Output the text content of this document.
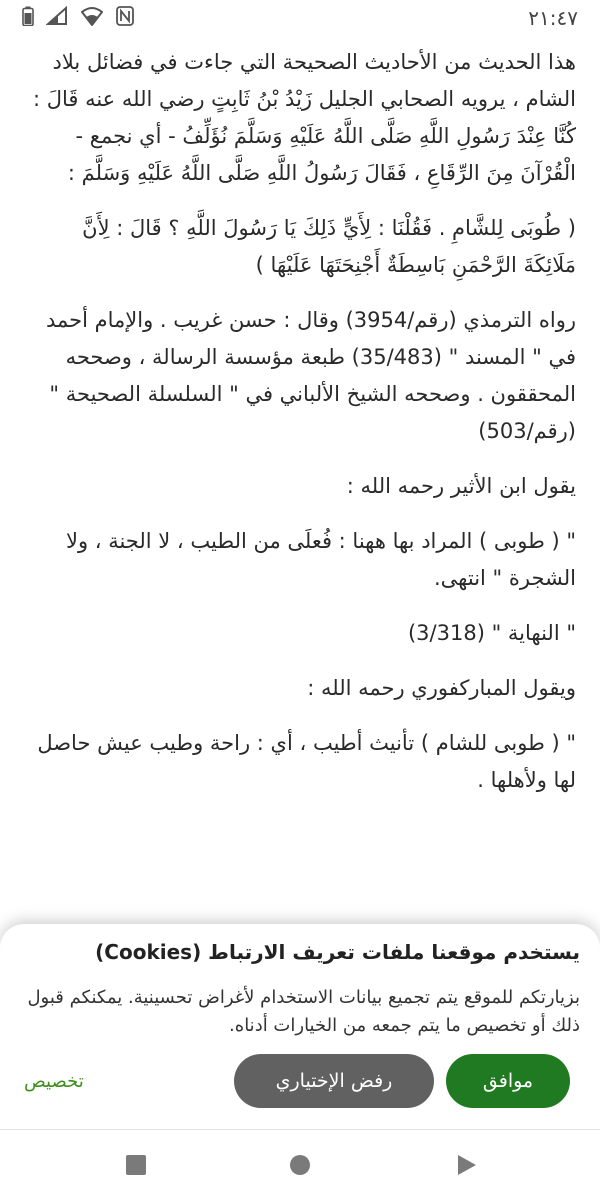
٢١:٤٧

هذا الحديث من الأحاديث الصحيحة التي جاءت في فضائل بلاد الشام ، يرويه الصحابي الجليل زَيْدُ بْنُ ثَابِتٍ رضي الله عنه قَالَ : كُنَّا عِنْدَ رَسُولِ اللَّهِ صَلَّى اللَّهُ عَلَيْهِ وَسَلَّمَ نُؤَلِّفُ - أي نجمع - الْقُرْآنَ مِنَ الرِّقَاعِ ، فَقَالَ رَسُولُ اللَّهِ صَلَّى اللَّهُ عَلَيْهِ وَسَلَّمَ :

( طُوبَى لِلشَّامِ . فَقُلْنَا : لِأَيٍّ ذَلِكَ يَا رَسُولَ اللَّهِ ؟ قَالَ : لِأَنَّ مَلَائِكَةَ الرَّحْمَنِ بَاسِطَةٌ أَجْنِحَتَهَا عَلَيْهَا )

رواه الترمذي (رقم/3954) وقال : حسن غريب . والإمام أحمد في " المسند " (35/483) طبعة مؤسسة الرسالة ، وصححه المحققون . وصححه الشيخ الألباني في " السلسلة الصحيحة " (رقم/503)

يقول ابن الأثير رحمه الله :

" ( طوبى ) المراد بها ههنا : فُعلَى من الطيب ، لا الجنة ، ولا الشجرة " انتهى.

" النهاية " (3/318)

ويقول المباركفوري رحمه الله :

" ( طوبى للشام ) تأنيث أطيب ، أي : راحة وطيب عيش حاصل لها ولأهلها .

يستخدم موقعنا ملفات تعريف الارتباط (Cookies)
بزيارتكم للموقع يتم تجميع بيانات الاستخدام لأغراض تحسينية. يمكنكم قبول ذلك أو تخصيص ما يتم جمعه من الخيارات أدناه.
موافق
رفض الإختياري
تخصيص
